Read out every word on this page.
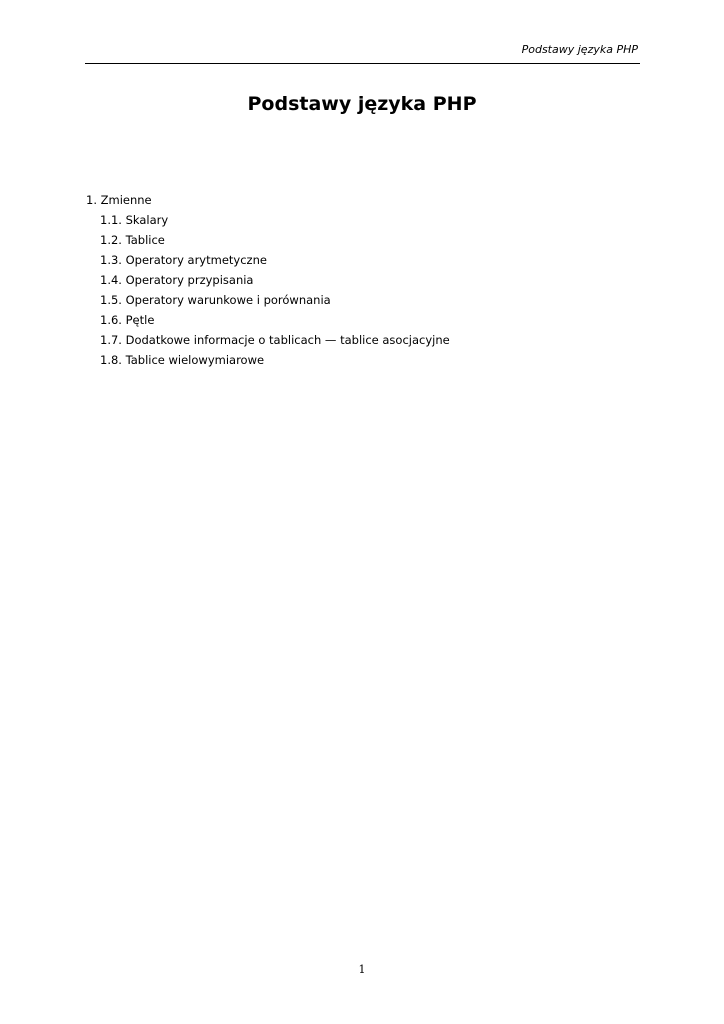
Podstawy języka PHP
Podstawy języka PHP
1. Zmienne
1.1. Skalary
1.2. Tablice
1.3. Operatory arytmetyczne
1.4. Operatory przypisania
1.5. Operatory warunkowe i porównania
1.6. Pętle
1.7. Dodatkowe informacje o tablicach — tablice asocjacyjne
1.8. Tablice wielowymiarowe
1
